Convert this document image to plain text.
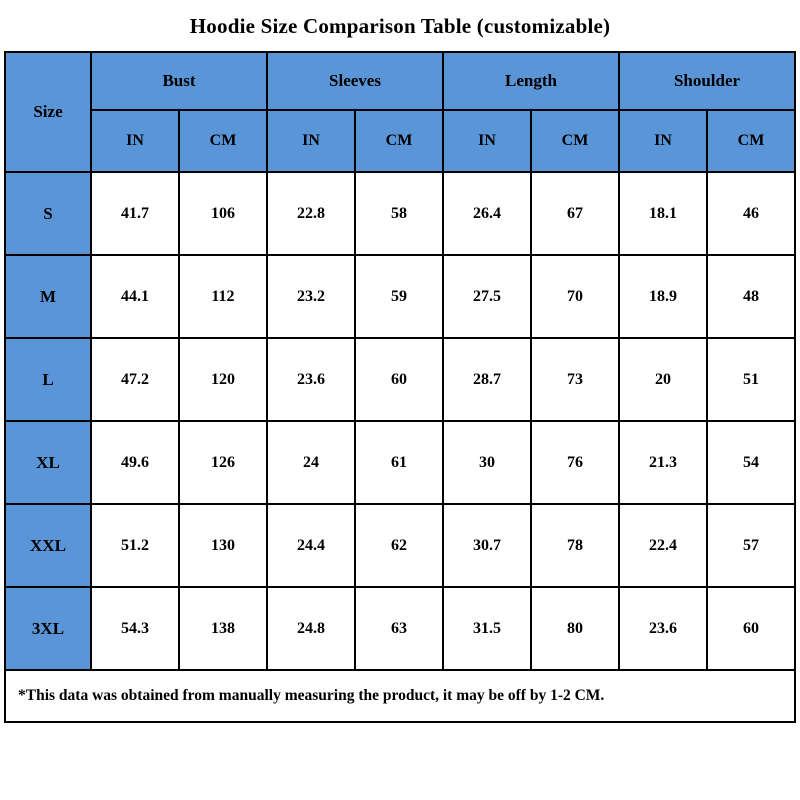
Hoodie Size Comparison Table (customizable)
Size	Bust		Sleeves		Length		Shoulder	
	IN	CM	IN	CM	IN	CM	IN	CM
S	41.7	106	22.8	58	26.4	67	18.1	46
M	44.1	112	23.2	59	27.5	70	18.9	48
L	47.2	120	23.6	60	28.7	73	20	51
XL	49.6	126	24	61	30	76	21.3	54
XXL	51.2	130	24.4	62	30.7	78	22.4	57
3XL	54.3	138	24.8	63	31.5	80	23.6	60
*This data was obtained from manually measuring the product, it may be off by 1-2 CM.
